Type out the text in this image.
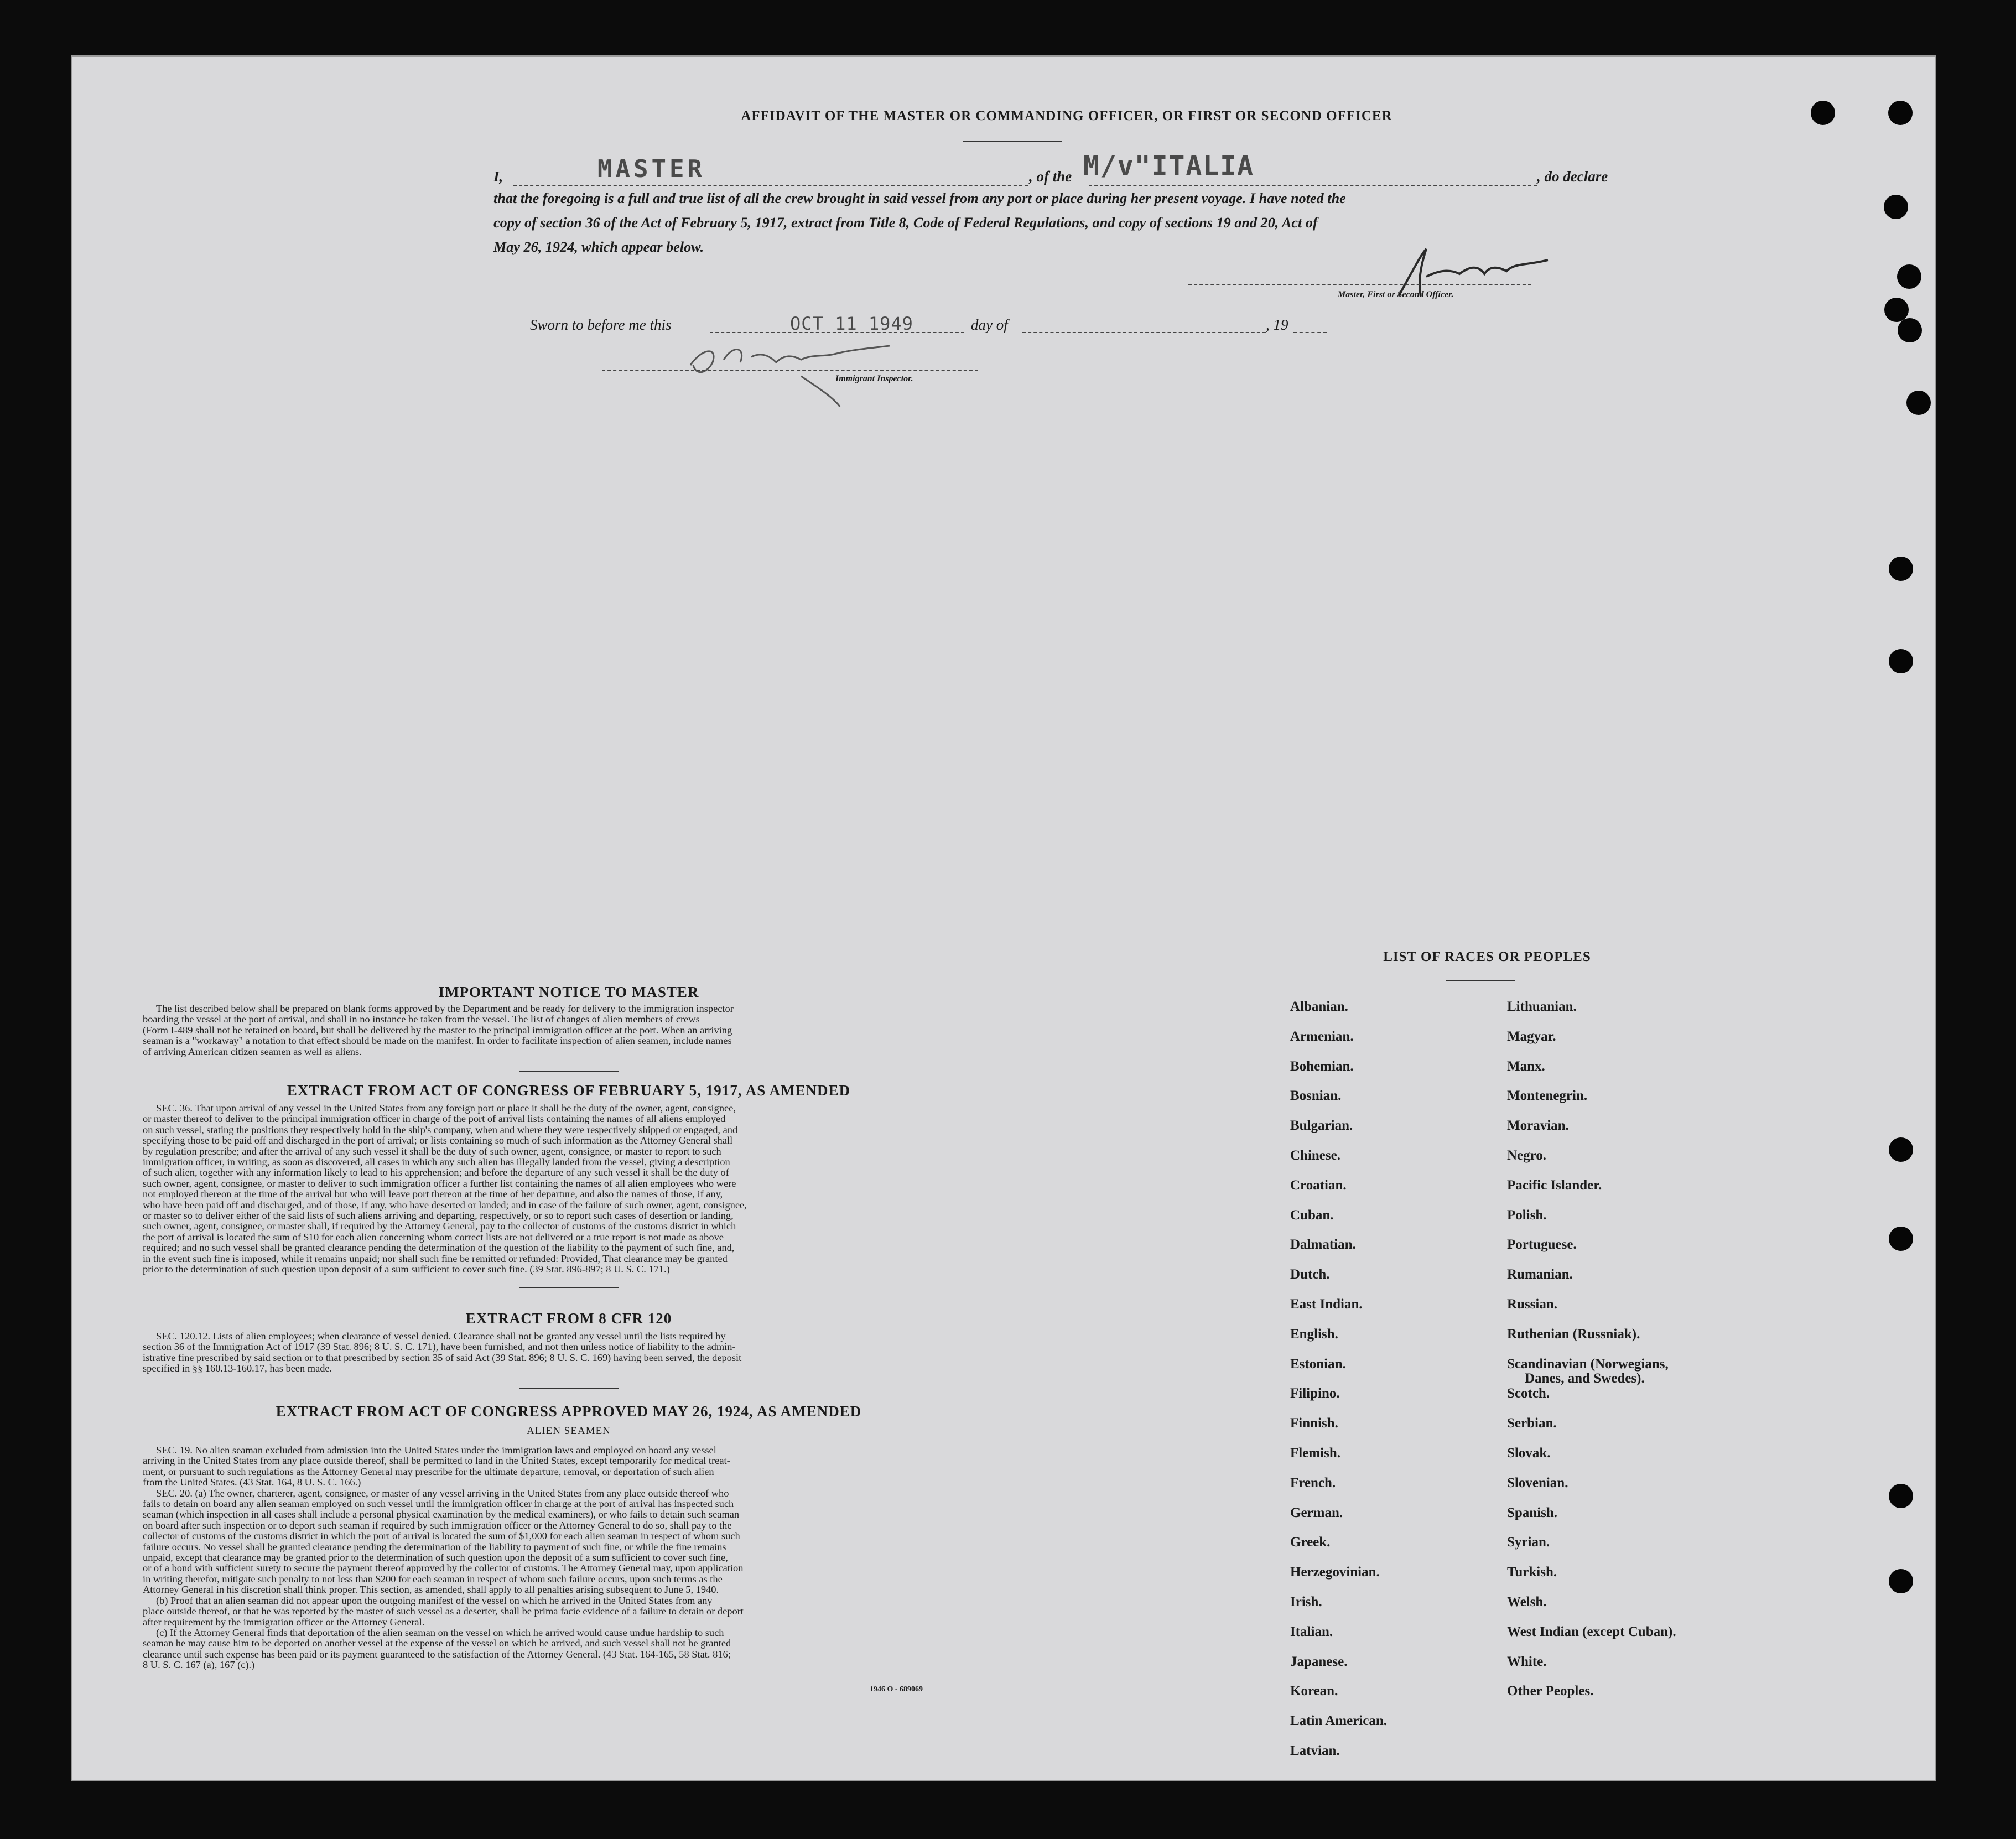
AFFIDAVIT OF THE MASTER OR COMMANDING OFFICER, OR FIRST OR SECOND OFFICER
I,	MASTER	, of the M/v"ITALIA	, do declare
that the foregoing is a full and true list of all the crew brought in said vessel from any port or place during her present voyage. I have noted the
copy of section 36 of the Act of February 5, 1917, extract from Title 8, Code of Federal Regulations, and copy of sections 19 and 20, Act of
May 26, 1924, which appear below.
Master, First or Second Officer.
Sworn to before me this	OCT 11 1949	day of	, 19
Immigrant Inspector.
IMPORTANT NOTICE TO MASTER
The list described below shall be prepared on blank forms approved by the Department and be ready for delivery to the immigration inspector
boarding the vessel at the port of arrival, and shall in no instance be taken from the vessel. The list of changes of alien members of crews
(Form I-489 shall not be retained on board, but shall be delivered by the master to the principal immigration officer at the port. When an arriving
seaman is a "workaway" a notation to that effect should be made on the manifest. In order to facilitate inspection of alien seamen, include names
of arriving American citizen seamen as well as aliens.
EXTRACT FROM ACT OF CONGRESS OF FEBRUARY 5, 1917, AS AMENDED
SEC. 36. That upon arrival of any vessel in the United States from any foreign port or place it shall be the duty of the owner, agent, consignee,
or master thereof to deliver to the principal immigration officer in charge of the port of arrival lists containing the names of all aliens employed
on such vessel, stating the positions they respectively hold in the ship's company, when and where they were respectively shipped or engaged, and
specifying those to be paid off and discharged in the port of arrival; or lists containing so much of such information as the Attorney General shall
by regulation prescribe; and after the arrival of any such vessel it shall be the duty of such owner, agent, consignee, or master to report to such
immigration officer, in writing, as soon as discovered, all cases in which any such alien has illegally landed from the vessel, giving a description
of such alien, together with any information likely to lead to his apprehension; and before the departure of any such vessel it shall be the duty of
such owner, agent, consignee, or master to deliver to such immigration officer a further list containing the names of all alien employees who were
not employed thereon at the time of the arrival but who will leave port thereon at the time of her departure, and also the names of those, if any,
who have been paid off and discharged, and of those, if any, who have deserted or landed; and in case of the failure of such owner, agent, consignee,
or master so to deliver either of the said lists of such aliens arriving and departing, respectively, or so to report such cases of desertion or landing,
such owner, agent, consignee, or master shall, if required by the Attorney General, pay to the collector of customs of the customs district in which
the port of arrival is located the sum of $10 for each alien concerning whom correct lists are not delivered or a true report is not made as above
required; and no such vessel shall be granted clearance pending the determination of the question of the liability to the payment of such fine, and,
in the event such fine is imposed, while it remains unpaid; nor shall such fine be remitted or refunded: Provided, That clearance may be granted
prior to the determination of such question upon deposit of a sum sufficient to cover such fine. (39 Stat. 896-897; 8 U. S. C. 171.)
EXTRACT FROM 8 CFR 120
SEC. 120.12. Lists of alien employees; when clearance of vessel denied. Clearance shall not be granted any vessel until the lists required by
section 36 of the Immigration Act of 1917 (39 Stat. 896; 8 U. S. C. 171), have been furnished, and not then unless notice of liability to the admin-
istrative fine prescribed by said section or to that prescribed by section 35 of said Act (39 Stat. 896; 8 U. S. C. 169) having been served, the deposit
specified in §§ 160.13-160.17, has been made.
EXTRACT FROM ACT OF CONGRESS APPROVED MAY 26, 1924, AS AMENDED
ALIEN SEAMEN
SEC. 19. No alien seaman excluded from admission into the United States under the immigration laws and employed on board any vessel
arriving in the United States from any place outside thereof, shall be permitted to land in the United States, except temporarily for medical treat-
ment, or pursuant to such regulations as the Attorney General may prescribe for the ultimate departure, removal, or deportation of such alien
from the United States. (43 Stat. 164, 8 U. S. C. 166.)
SEC. 20. (a) The owner, charterer, agent, consignee, or master of any vessel arriving in the United States from any place outside thereof who
fails to detain on board any alien seaman employed on such vessel until the immigration officer in charge at the port of arrival has inspected such
seaman (which inspection in all cases shall include a personal physical examination by the medical examiners), or who fails to detain such seaman
on board after such inspection or to deport such seaman if required by such immigration officer or the Attorney General to do so, shall pay to the
collector of customs of the customs district in which the port of arrival is located the sum of $1,000 for each alien seaman in respect of whom such
failure occurs. No vessel shall be granted clearance pending the determination of the liability to payment of such fine, or while the fine remains
unpaid, except that clearance may be granted prior to the determination of such question upon the deposit of a sum sufficient to cover such fine,
or of a bond with sufficient surety to secure the payment thereof approved by the collector of customs. The Attorney General may, upon application
in writing therefor, mitigate such penalty to not less than $200 for each seaman in respect of whom such failure occurs, upon such terms as the
Attorney General in his discretion shall think proper. This section, as amended, shall apply to all penalties arising subsequent to June 5, 1940.
(b) Proof that an alien seaman did not appear upon the outgoing manifest of the vessel on which he arrived in the United States from any
place outside thereof, or that he was reported by the master of such vessel as a deserter, shall be prima facie evidence of a failure to detain or deport
after requirement by the immigration officer or the Attorney General.
(c) If the Attorney General finds that deportation of the alien seaman on the vessel on which he arrived would cause undue hardship to such
seaman he may cause him to be deported on another vessel at the expense of the vessel on which he arrived, and such vessel shall not be granted
clearance until such expense has been paid or its payment guaranteed to the satisfaction of the Attorney General. (43 Stat. 164-165, 58 Stat. 816;
8 U. S. C. 167 (a), 167 (c).)
1946 O - 689069
LIST OF RACES OR PEOPLES
Albanian.
Armenian.
Bohemian.
Bosnian.
Bulgarian.
Chinese.
Croatian.
Cuban.
Dalmatian.
Dutch.
East Indian.
English.
Estonian.
Filipino.
Finnish.
Flemish.
French.
German.
Greek.
Herzegovinian.
Irish.
Italian.
Japanese.
Korean.
Latin American.
Latvian.
Lithuanian.
Magyar.
Manx.
Montenegrin.
Moravian.
Negro.
Pacific Islander.
Polish.
Portuguese.
Rumanian.
Russian.
Ruthenian (Russniak).
Scandinavian (Norwegians,
Danes, and Swedes).
Scotch.
Serbian.
Slovak.
Slovenian.
Spanish.
Syrian.
Turkish.
Welsh.
West Indian (except Cuban).
White.
Other Peoples.
